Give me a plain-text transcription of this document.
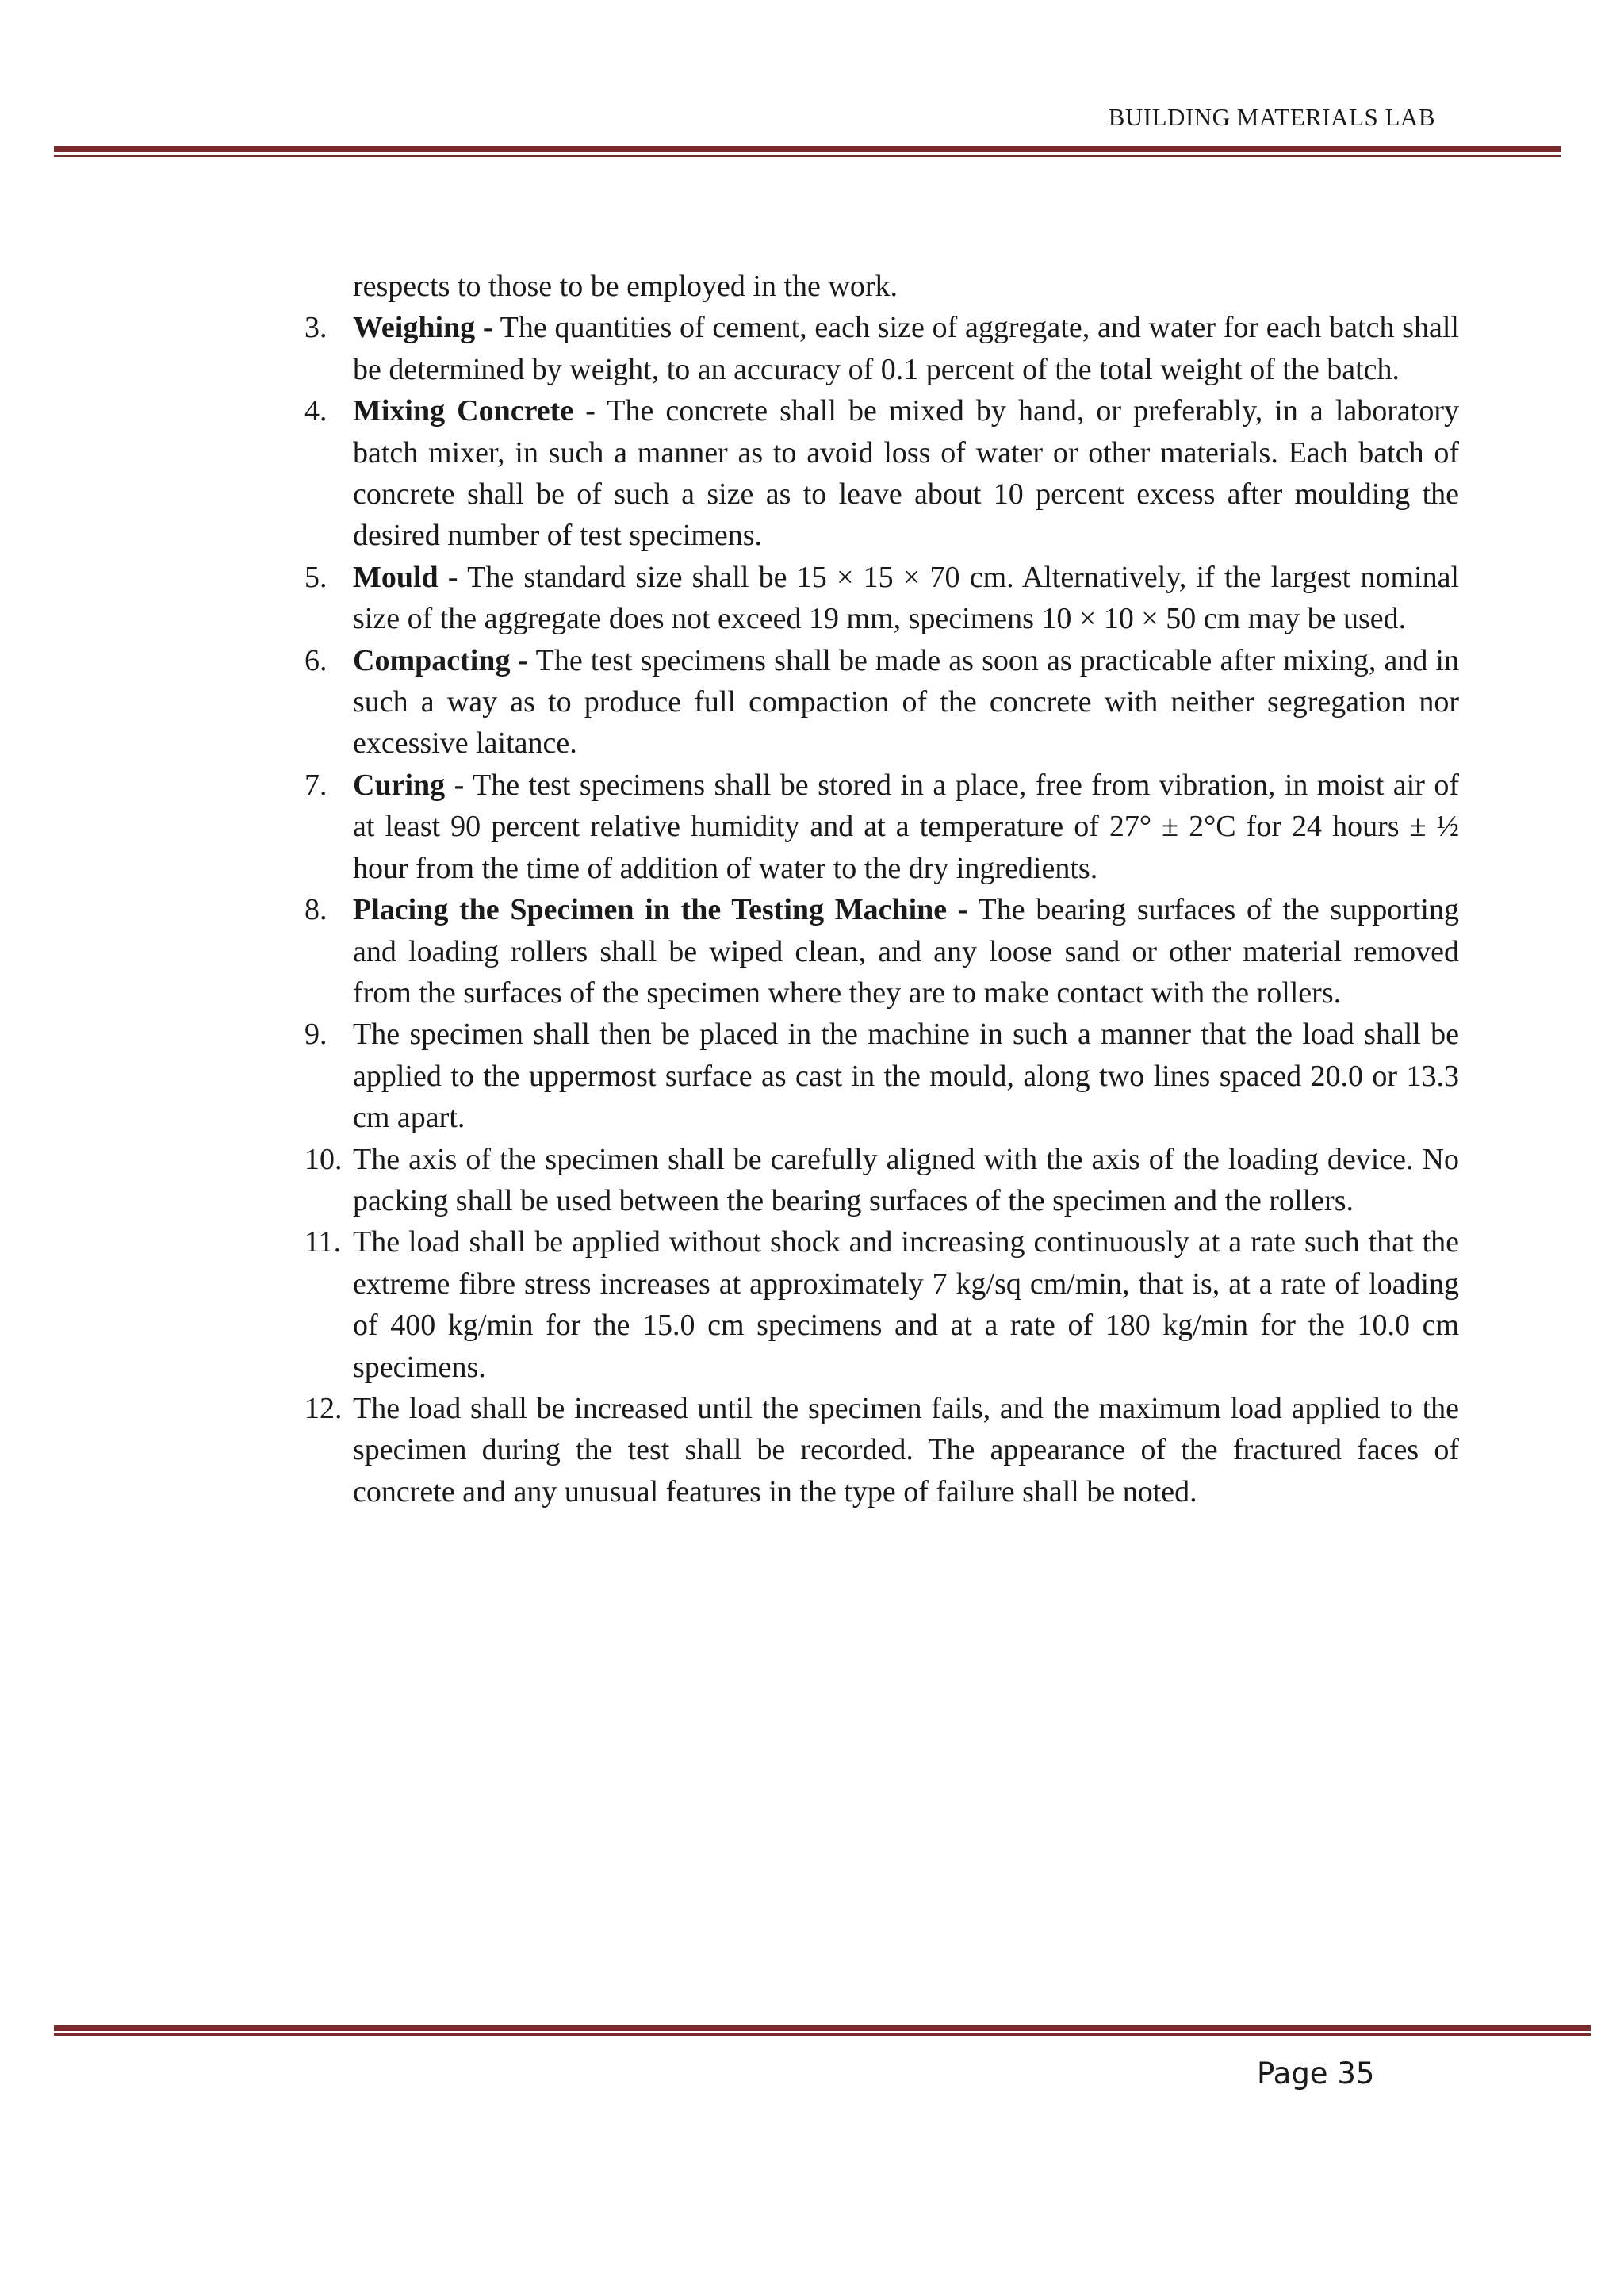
BUILDING MATERIALS LAB

respects to those to be employed in the work.

3. Weighing - The quantities of cement, each size of aggregate, and water for each batch shall be determined by weight, to an accuracy of 0.1 percent of the total weight of the batch.
4. Mixing Concrete - The concrete shall be mixed by hand, or preferably, in a laboratory batch mixer, in such a manner as to avoid loss of water or other materials. Each batch of concrete shall be of such a size as to leave about 10 percent excess after moulding the desired number of test specimens.
5. Mould - The standard size shall be 15 × 15 × 70 cm. Alternatively, if the largest nominal size of the aggregate does not exceed 19 mm, specimens 10 × 10 × 50 cm may be used.
6. Compacting - The test specimens shall be made as soon as practicable after mixing, and in such a way as to produce full compaction of the concrete with neither segregation nor excessive laitance.
7. Curing - The test specimens shall be stored in a place, free from vibration, in moist air of at least 90 percent relative humidity and at a temperature of 27° ± 2°C for 24 hours ± ½ hour from the time of addition of water to the dry ingredients.
8. Placing the Specimen in the Testing Machine - The bearing surfaces of the supporting and loading rollers shall be wiped clean, and any loose sand or other material removed from the surfaces of the specimen where they are to make contact with the rollers.
9. The specimen shall then be placed in the machine in such a manner that the load shall be applied to the uppermost surface as cast in the mould, along two lines spaced 20.0 or 13.3 cm apart.
10. The axis of the specimen shall be carefully aligned with the axis of the loading device. No packing shall be used between the bearing surfaces of the specimen and the rollers.
11. The load shall be applied without shock and increasing continuously at a rate such that the extreme fibre stress increases at approximately 7 kg/sq cm/min, that is, at a rate of loading of 400 kg/min for the 15.0 cm specimens and at a rate of 180 kg/min for the 10.0 cm specimens.
12. The load shall be increased until the specimen fails, and the maximum load applied to the specimen during the test shall be recorded. The appearance of the fractured faces of concrete and any unusual features in the type of failure shall be noted.
Page 35
